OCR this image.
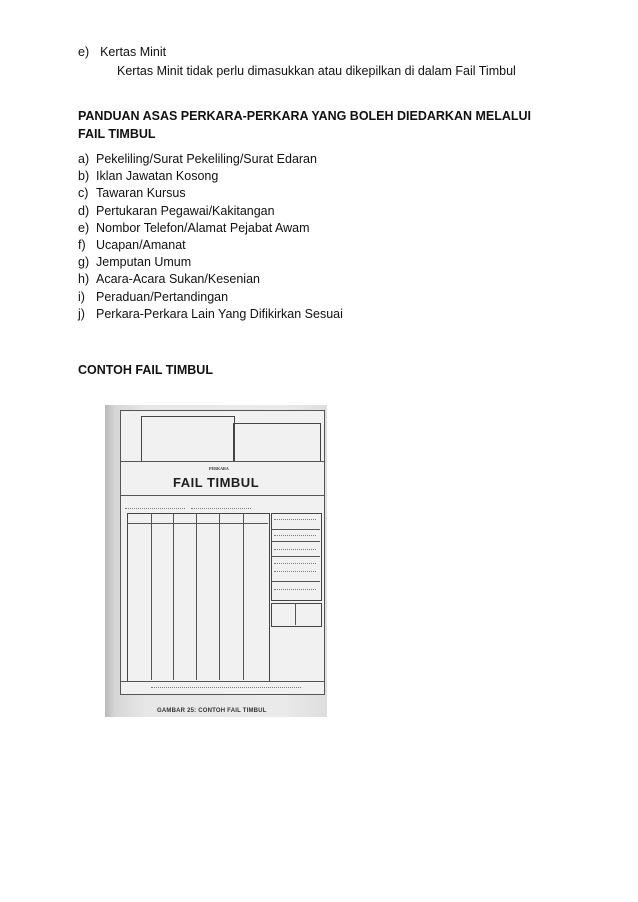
e) Kertas Minit
Kertas Minit tidak perlu dimasukkan atau dikepilkan di dalam Fail Timbul
PANDUAN ASAS PERKARA-PERKARA YANG BOLEH DIEDARKAN MELALUI
FAIL TIMBUL
a) Pekeliling/Surat Pekeliling/Surat Edaran
b) Iklan Jawatan Kosong
c) Tawaran Kursus
d) Pertukaran Pegawai/Kakitangan
e) Nombor Telefon/Alamat Pejabat Awam
f) Ucapan/Amanat
g) Jemputan Umum
h) Acara-Acara Sukan/Kesenian
i) Peraduan/Pertandingan
j) Perkara-Perkara Lain Yang Difikirkan Sesuai
CONTOH FAIL TIMBUL
PERKARA
FAIL TIMBUL
GAMBAR 25: CONTOH FAIL TIMBUL
